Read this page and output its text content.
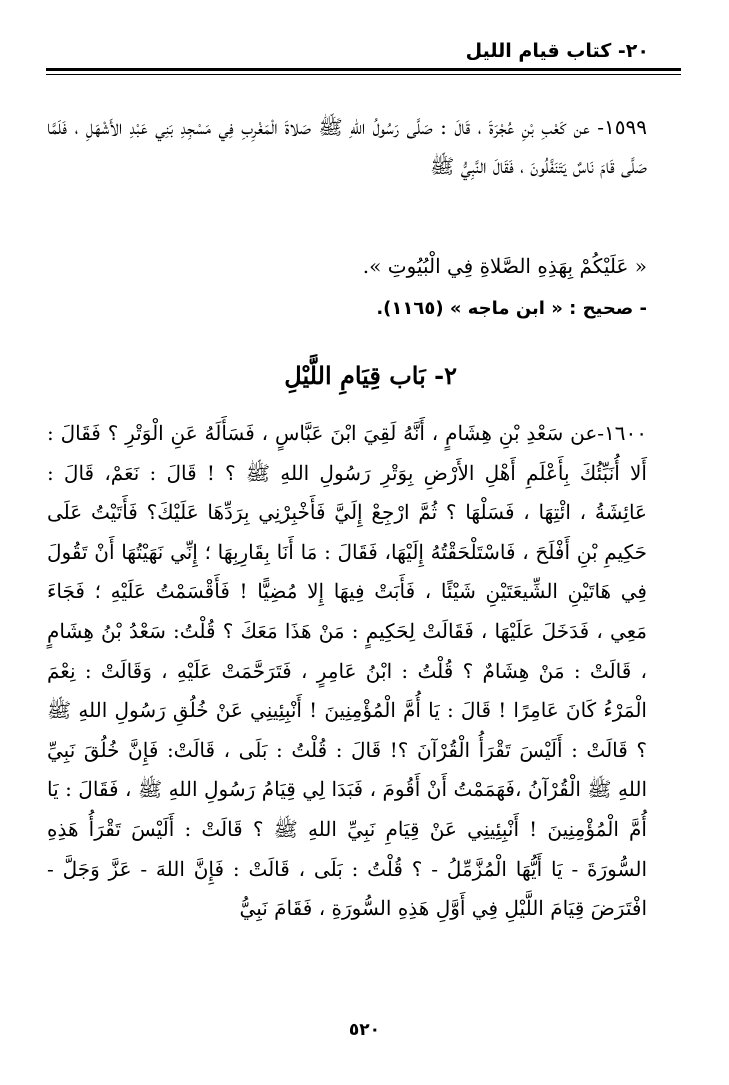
٢٠- كتاب قيام الليل

١٥٩٩- عن كَعْبِ بْنِ عُجْرَةَ ، قَالَ : صَلَّى رَسُولُ اللهِ ﷺ صَلاةَ الْمَغْرِبِ فِي مَسْجِدِ بَنِي عَبْدِ الأَشْهَلِ ، فَلَمَّا صَلَّى قَامَ نَاسٌ يَتَنَفَّلُونَ ، فَقَالَ النَّبِيُّ ﷺ

« عَلَيْكُمْ بِهَذِهِ الصَّلاةِ فِي الْبُيُوتِ ».
- صحيح : « ابن ماجه » (١١٦٥).
٢- بَاب قِيَامِ اللَّيْلِ

١٦٠٠-عن سَعْدِ بْنِ هِشَامٍ ، أَنَّهُ لَقِيَ ابْنَ عَبَّاسٍ ، فَسَأَلَهُ عَنِ الْوَتْرِ ؟ فَقَالَ : أَلا أُنَبِّئُكَ بِأَعْلَمِ أَهْلِ الأَرْضِ بِوَتْرِ رَسُولِ اللهِ ﷺ ؟ ! قَالَ : نَعَمْ، قَالَ : عَائِشَةُ ، ائْتِهَا ، فَسَلْهَا ؟ ثُمَّ ارْجِعْ إِلَيَّ فَأَخْبِرْنِي بِرَدِّهَا عَلَيْكَ؟ فَأَتَيْتُ عَلَى حَكِيمِ بْنِ أَفْلَحَ ، فَاسْتَلْحَقْتُهُ إِلَيْهَا، فَقَالَ : مَا أَنَا بِقَارِبِهَا ؛ إِنِّي نَهَيْتُهَا أَنْ تَقُولَ فِي هَاتَيْنِ الشِّيعَتَيْنِ شَيْئًا ، فَأَبَتْ فِيهَا إِلا مُضِيًّا ! فَأَقْسَمْتُ عَلَيْهِ ؛ فَجَاءَ مَعِي ، فَدَخَلَ عَلَيْهَا ، فَقَالَتْ لِحَكِيمٍ : مَنْ هَذَا مَعَكَ ؟ قُلْتُ: سَعْدُ بْنُ هِشَامٍ ، قَالَتْ : مَنْ هِشَامٌ ؟ قُلْتُ : ابْنُ عَامِرٍ ، فَتَرَحَّمَتْ عَلَيْهِ ، وَقَالَتْ : نِعْمَ الْمَرْءُ كَانَ عَامِرًا ! قَالَ : يَا أُمَّ الْمُؤْمِنِينَ ! أَنْبِئِينِي عَنْ خُلُقِ رَسُولِ اللهِ ﷺ ؟ قَالَتْ : أَلَيْسَ تَقْرَأُ الْقُرْآنَ ؟! قَالَ : قُلْتُ : بَلَى ، قَالَتْ: فَإِنَّ خُلُقَ نَبِيِّ اللهِ ﷺ الْقُرْآنُ ،فَهَمَمْتُ أَنْ أَقُومَ ، فَبَدَا لِي قِيَامُ رَسُولِ اللهِ ﷺ ، فَقَالَ : يَا أُمَّ الْمُؤْمِنِينَ ! أَنْبِئِينِي عَنْ قِيَامِ نَبِيِّ اللهِ ﷺ ؟ قَالَتْ : أَلَيْسَ تَقْرَأُ هَذِهِ السُّورَةَ - يَا أَيُّهَا الْمُزَّمِّلُ - ؟ قُلْتُ : بَلَى ، قَالَتْ : فَإِنَّ اللهَ - عَزَّ وَجَلَّ - افْتَرَضَ قِيَامَ اللَّيْلِ فِي أَوَّلِ هَذِهِ السُّورَةِ ، فَقَامَ نَبِيُّ

٥٢٠
